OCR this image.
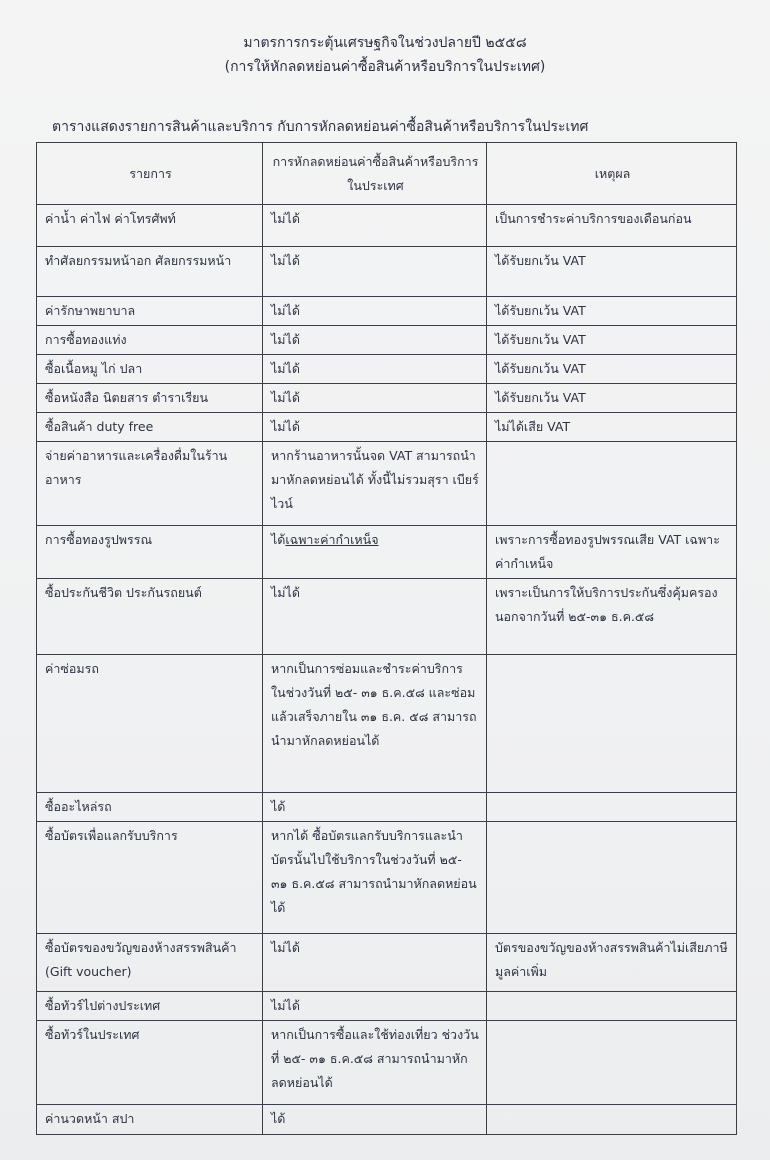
มาตรการกระตุ้นเศรษฐกิจในช่วงปลายปี ๒๕๕๘
(การให้หักลดหย่อนค่าซื้อสินค้าหรือบริการในประเทศ)
ตารางแสดงรายการสินค้าและบริการ กับการหักลดหย่อนค่าซื้อสินค้าหรือบริการในประเทศ
รายการ	การหักลดหย่อนค่าซื้อสินค้าหรือบริการในประเทศ	เหตุผล
ค่าน้ำ ค่าไฟ ค่าโทรศัพท์	ไม่ได้	เป็นการชำระค่าบริการของเดือนก่อน
ทำศัลยกรรมหน้าอก ศัลยกรรมหน้า	ไม่ได้	ได้รับยกเว้น VAT
ค่ารักษาพยาบาล	ไม่ได้	ได้รับยกเว้น VAT
การซื้อทองแท่ง	ไม่ได้	ได้รับยกเว้น VAT
ซื้อเนื้อหมู ไก่ ปลา	ไม่ได้	ได้รับยกเว้น VAT
ซื้อหนังสือ นิตยสาร ตำราเรียน	ไม่ได้	ได้รับยกเว้น VAT
ซื้อสินค้า duty free	ไม่ได้	ไม่ได้เสีย VAT
จ่ายค่าอาหารและเครื่องดื่มในร้านอาหาร	หากร้านอาหารนั้นจด VAT สามารถนำมาหักลดหย่อนได้ ทั้งนี้ไม่รวมสุรา เบียร์ ไวน์	
การซื้อทองรูปพรรณ	ได้เฉพาะค่ากำเหน็จ	เพราะการซื้อทองรูปพรรณเสีย VAT เฉพาะค่ากำเหน็จ
ซื้อประกันชีวิต ประกันรถยนต์	ไม่ได้	เพราะเป็นการให้บริการประกันซึ่งคุ้มครองนอกจากวันที่ ๒๕-๓๑ ธ.ค.๕๘
ค่าซ่อมรถ	หากเป็นการซ่อมและชำระค่าบริการ ในช่วงวันที่ ๒๕- ๓๑ ธ.ค.๕๘ และซ่อมแล้วเสร็จภายใน ๓๑ ธ.ค. ๕๘ สามารถนำมาหักลดหย่อนได้	
ซื้ออะไหล่รถ	ได้	
ซื้อบัตรเพื่อแลกรับบริการ	หากได้ ซื้อบัตรแลกรับบริการและนำบัตรนั้นไปใช้บริการในช่วงวันที่ ๒๕- ๓๑ ธ.ค.๕๘ สามารถนำมาหักลดหย่อนได้	
ซื้อบัตรของขวัญของห้างสรรพสินค้า (Gift voucher)	ไม่ได้	บัตรของขวัญของห้างสรรพสินค้าไม่เสียภาษีมูลค่าเพิ่ม
ซื้อทัวร์ไปต่างประเทศ	ไม่ได้	
ซื้อทัวร์ในประเทศ	หากเป็นการซื้อและใช้ท่องเที่ยว ช่วงวันที่ ๒๕- ๓๑ ธ.ค.๕๘ สามารถนำมาหักลดหย่อนได้	
ค่านวดหน้า สปา	ได้	
